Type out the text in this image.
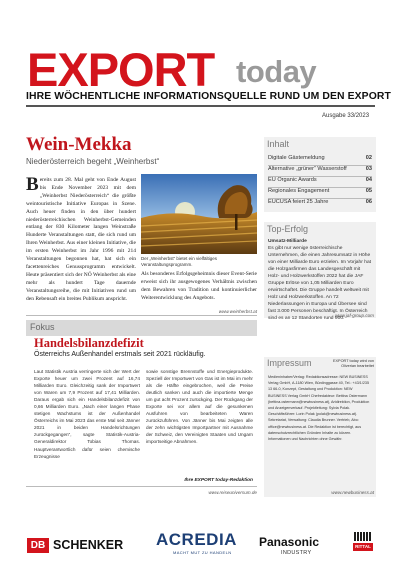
EXPORT today
IHRE WÖCHENTLICHE INFORMATIONSQUELLE RUND UM DEN EXPORT
Ausgabe 33/2023
Wein-Mekka
Niederösterreich begeht „Weinherbst“
Bereits zum 28. Mal geht von Ende August bis Ende November 2023 mit dem „Weinherbst Niederösterreich“ die größte weintouristische Initiative Europas in Szene. Auch heuer finden in den über hundert niederösterreichischen Weinherbst-Gemeinden entlang der 830 Kilometer langen Weinstraße Hunderte Veranstaltungen statt, die sich rund um Ihren Weinherbst. Aus einer kleinen Initiative, die im ersten Weinherbst im Jahr 1996 mit 214 Veranstaltungen begonnen hat, hat sich ein facettenreiches Genussprogramm entwickelt. Heute präsentiert sich der NÖ Weinherbst als eine mehr als hundert Tage dauernde Veranstaltungsreihe, die mit Initiativen rund um den Rebensaft ein breites Publikum anspricht.
Der „Weinherbst“ bietet ein vielfältiges Veranstaltungsprogramm.
Als besonderes Erfolgsgeheimnis dieser Event-Serie erweist sich ihr ausgewogenes Verhältnis zwischen dem Bewahren von Tradition und kontinuierlicher Weiterentwicklung des Angebots.
www.weinherbst.at
Fokus
Handelsbilanzdefizit
Österreichs Außenhandel erstmals seit 2021 rückläufig.
Laut Statistik Austria verringerte sich der Wert der Exporte heuer um zwei Prozent auf 16,74 Milliarden Euro. Gleichzeitig sank der Importwert von Waren um 7,9 Prozent auf 17,41 Milliarden. Daraus ergab sich ein Handelsbilanzdefizit von 0,66 Milliarden Euro. „Nach einer langen Phase stetigen Wachstums ist der Außenhandel Österreichs im Mai 2023 das erste Mal seit Jänner 2021 in beiden Handelsrichtungen zurückgegangen“, sagte Statistik-Austria-Generaldirektor Tobias Thomas. Hauptverantwortlich dafür seien chemische Erzeugnisse
sowie sonstige Brennstoffe und Energieprodukte. Speziell der Importwert von Gas ist im Mai im mehr als die Hälfte eingebrochen, weil die Preise deutlich sanken und auch die importierte Menge um gut acht Prozent zurückging. Der Rückgang der Exporte sei vor allem auf die gesunkenen Ausfuhren von bearbeiteten Waren zurückzuführen. Von Jänner bis Mai zeigten alle der zehn wichtigsten Importpartner mit Ausnahme der Schweiz, den Vereinigten Staaten und Ungarn importseitige Abnahmen.
Ihre EXPORT today-Redaktion
www.reiseuniversum.de
Inhalt
Digitale Gästemeldung	02
Alternative „grüner“ Wasserstoff	03
EU Organic Awards	04
Regionales Engagement	05
EUCUSA feiert 25 Jahre	06
Top-Erfolg
Umsatz-Milliarde
Es gibt nur wenige österreichische Unternehmen, die einen Jahresumsatz in Höhe von einer Milliarde Euro erzielen. Im Vorjahr hat die Holzgasfirmen das Landesgeschäft mit Holz- und Holzwerkstoffen 2022 hat die JAF Gruppe Erlöse von 1,05 Milliarden Euro erwirtschaftet. Die Gruppe handelt weltweit mit Holz und Holzwerkstoffen. An 72 Niederlassungen in Europa und Übersee sind fast 3.000 Personen beschäftigt. In Österreich sind es an 12 Standorten rund 900.
www.jaf-group.com
Impressum	EXPORT today wird von Oliverian bearbeitet
Medieninhaber/Verlag: Redaktionsadresse: NEW BUSINESS Verlag GmbH, A-1180 Wien, Bürdinggasse 40, Tel.: +43/1/235 13 66-0, Konzept, Gestaltung und Produktion: NEW BUSINESS Verlag GmbH Chefredakteur: Bettina Ostermann (bettina.ostermann@newbusiness.at), Artdirektion, Produktion und Anzeigenverkauf. Projektleitung: Sylvia Polak. Geschäftsführer: Lorin Polak (polak@newbusiness.at). Sekretariat, Verwaltung: Claudia Brunner. Vertrieb, Abo: office@newbusiness.at. Die Redaktion ist berechtigt, aus datenschutzrechtlichen Gründen Inhalte zu kürzen. Informationen und Nachrichten ohne Gewähr.
www.newbusiness.at
DB SCHENKER ACREDIA
MACHT MUT ZU HANDELN
Panasonic
INDUSTRY
RITTAL
